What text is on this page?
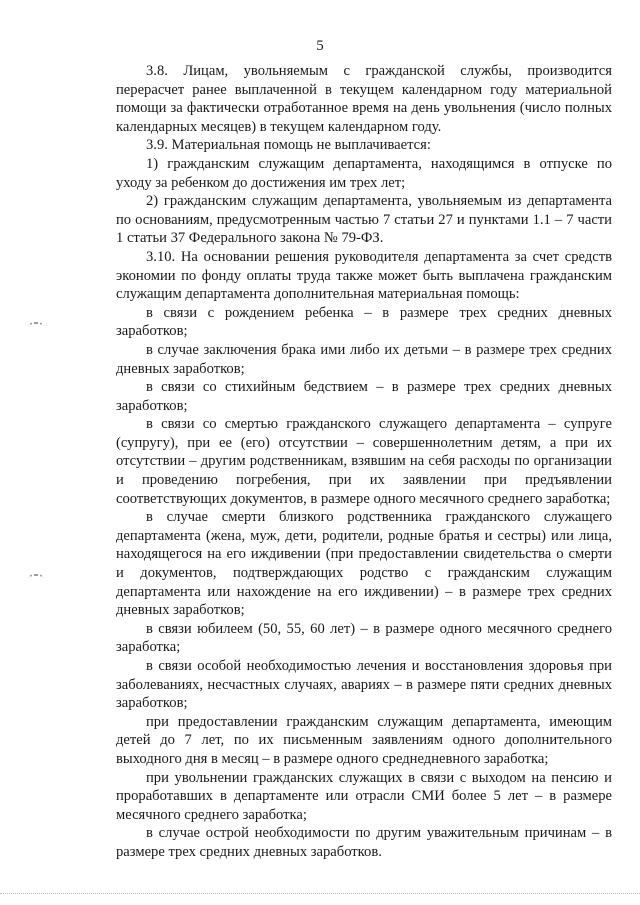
5

3.8. Лицам, увольняемым с гражданской службы, производится перерасчет ранее выплаченной в текущем календарном году материальной помощи за фактически отработанное время на день увольнения (число полных календарных месяцев) в текущем календарном году.

3.9. Материальная помощь не выплачивается:

1) гражданским служащим департамента, находящимся в отпуске по уходу за ребенком до достижения им трех лет;

2) гражданским служащим департамента, увольняемым из департамента по основаниям, предусмотренным частью 7 статьи 27 и пунктами 1.1 – 7 части 1 статьи 37 Федерального закона № 79-ФЗ.

3.10. На основании решения руководителя департамента за счет средств экономии по фонду оплаты труда также может быть выплачена гражданским служащим департамента дополнительная материальная помощь:

в связи с рождением ребенка – в размере трех средних дневных заработков;

в случае заключения брака ими либо их детьми – в размере трех средних дневных заработков;

в связи со стихийным бедствием – в размере трех средних дневных заработков;

в связи со смертью гражданского служащего департамента – супруге (супругу), при ее (его) отсутствии – совершеннолетним детям, а при их отсутствии – другим родственникам, взявшим на себя расходы по организации и проведению погребения, при их заявлении при предъявлении соответствующих документов, в размере одного месячного среднего заработка;

в случае смерти близкого родственника гражданского служащего департамента (жена, муж, дети, родители, родные братья и сестры) или лица, находящегося на его иждивении (при предоставлении свидетельства о смерти и документов, подтверждающих родство с гражданским служащим департамента или нахождение на его иждивении) – в размере трех средних дневных заработков;

в связи юбилеем (50, 55, 60 лет) – в размере одного месячного среднего заработка;

в связи особой необходимостью лечения и восстановления здоровья при заболеваниях, несчастных случаях, авариях – в размере пяти средних дневных заработков;

при предоставлении гражданским служащим департамента, имеющим детей до 7 лет, по их письменным заявлениям одного дополнительного выходного дня в месяц – в размере одного среднедневного заработка;

при увольнении гражданских служащих в связи с выходом на пенсию и проработавших в департаменте или отрасли СМИ более 5 лет – в размере месячного среднего заработка;

в случае острой необходимости по другим уважительным причинам – в размере трех средних дневных заработков.
